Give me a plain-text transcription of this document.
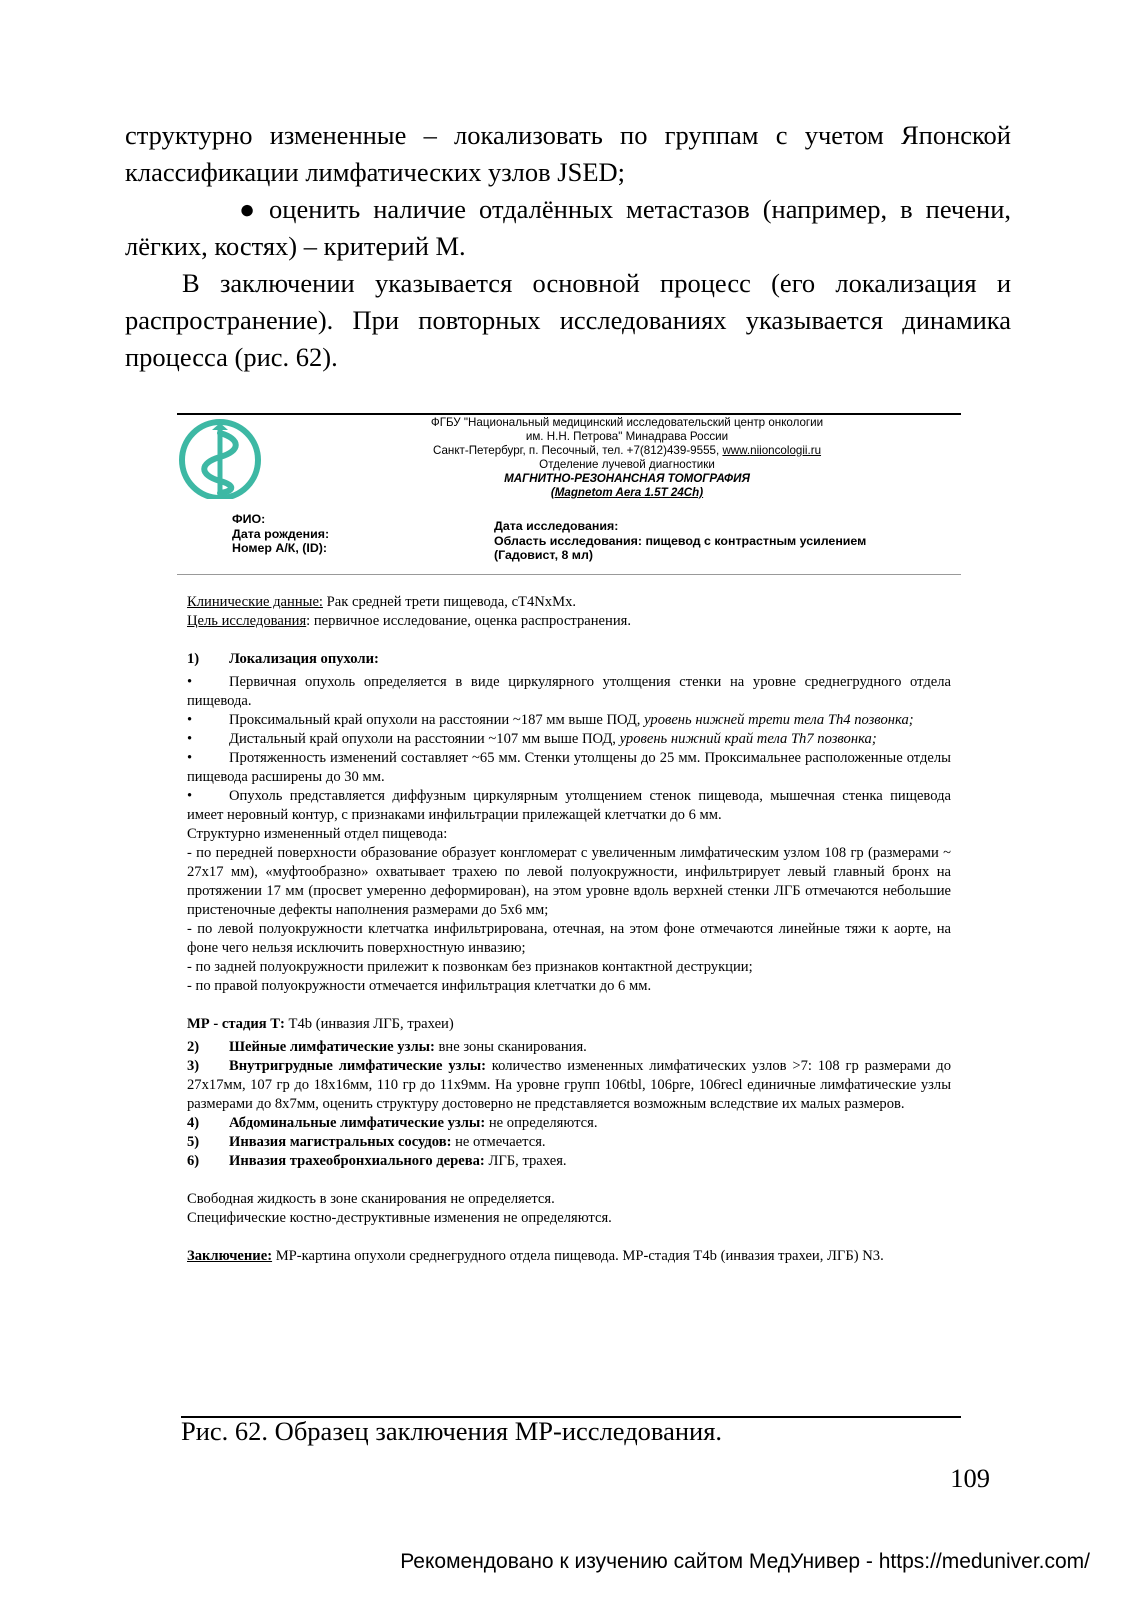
структурно измененные – локализовать по группам с учетом Японской классификации лимфатических узлов JSED;

● оценить наличие отдалённых метастазов (например, в печени, лёгких, костях) – критерий M.

В заключении указывается основной процесс (его локализация и распространение). При повторных исследованиях указывается динамика процесса (рис. 62).

ФГБУ "Национальный медицинский исследовательский центр онкологии
им. Н.Н. Петрова" Минадрава России
Санкт-Петербург, п. Песочный, тел. +7(812)439-9555, www.niioncologii.ru
Отделение лучевой диагностики
МАГНИТНО-РЕЗОНАНСНАЯ ТОМОГРАФИЯ
(Magnetom Aera 1.5T 24Ch)
ФИО:
Дата рождения:
Номер А/К, (ID):
Дата исследования:
Область исследования: пищевод с контрастным усилением
(Гадовист, 8 мл)

Клинические данные: Рак средней трети пищевода, cT4NxMx.

Цель исследования: первичное исследование, оценка распространения.

1) Локализация опухоли:

•	Первичная опухоль определяется в виде циркулярного утолщения стенки на уровне среднегрудного отдела пищевода.

•	Проксимальный край опухоли на расстоянии ~187 мм выше ПОД, уровень нижней трети тела Th4 позвонка;

•	Дистальный край опухоли на расстоянии ~107 мм выше ПОД, уровень нижний край тела Th7 позвонка;

•	Протяженность изменений составляет ~65 мм. Стенки утолщены до 25 мм. Проксимальнее расположенные отделы пищевода расширены до 30 мм.

•	Опухоль представляется диффузным циркулярным утолщением стенок пищевода, мышечная стенка пищевода имеет неровный контур, с признаками инфильтрации прилежащей клетчатки до 6 мм.

Структурно измененный отдел пищевода:

- по передней поверхности образование образует конгломерат с увеличенным лимфатическим узлом 108 гр (размерами ~ 27х17 мм), «муфтообразно» охватывает трахею по левой полуокружности, инфильтрирует левый главный бронх на протяжении 17 мм (просвет умеренно деформирован), на этом уровне вдоль верхней стенки ЛГБ отмечаются небольшие пристеночные дефекты наполнения размерами до 5х6 мм;

- по левой полуокружности клетчатка инфильтрирована, отечная, на этом фоне отмечаются линейные тяжи к аорте, на фоне чего нельзя исключить поверхностную инвазию;

- по задней полуокружности прилежит к позвонкам без признаков контактной деструкции;

- по правой полуокружности отмечается инфильтрация клетчатки до 6 мм.

МР - стадия Т: Т4b (инвазия ЛГБ, трахеи)

2) Шейные лимфатические узлы: вне зоны сканирования.

3) Внутригрудные лимфатические узлы: количество измененных лимфатических узлов >7: 108 гр размерами до 27х17мм, 107 гр до 18х16мм, 110 гр до 11х9мм. На уровне групп 106tbl, 106pre, 106recl единичные лимфатические узлы размерами до 8х7мм, оценить структуру достоверно не представляется возможным вследствие их малых размеров.

4) Абдоминальные лимфатические узлы: не определяются.

5) Инвазия магистральных сосудов: не отмечается.

6) Инвазия трахеобронхиального дерева: ЛГБ, трахея.

Свободная жидкость в зоне сканирования не определяется.

Специфические костно-деструктивные изменения не определяются.

Заключение: МР-картина опухоли среднегрудного отдела пищевода. МР-стадия Т4b (инвазия трахеи, ЛГБ) N3.

Рис. 62. Образец заключения МР-исследования.
109
Рекомендовано к изучению сайтом МедУнивер - https://meduniver.com/
